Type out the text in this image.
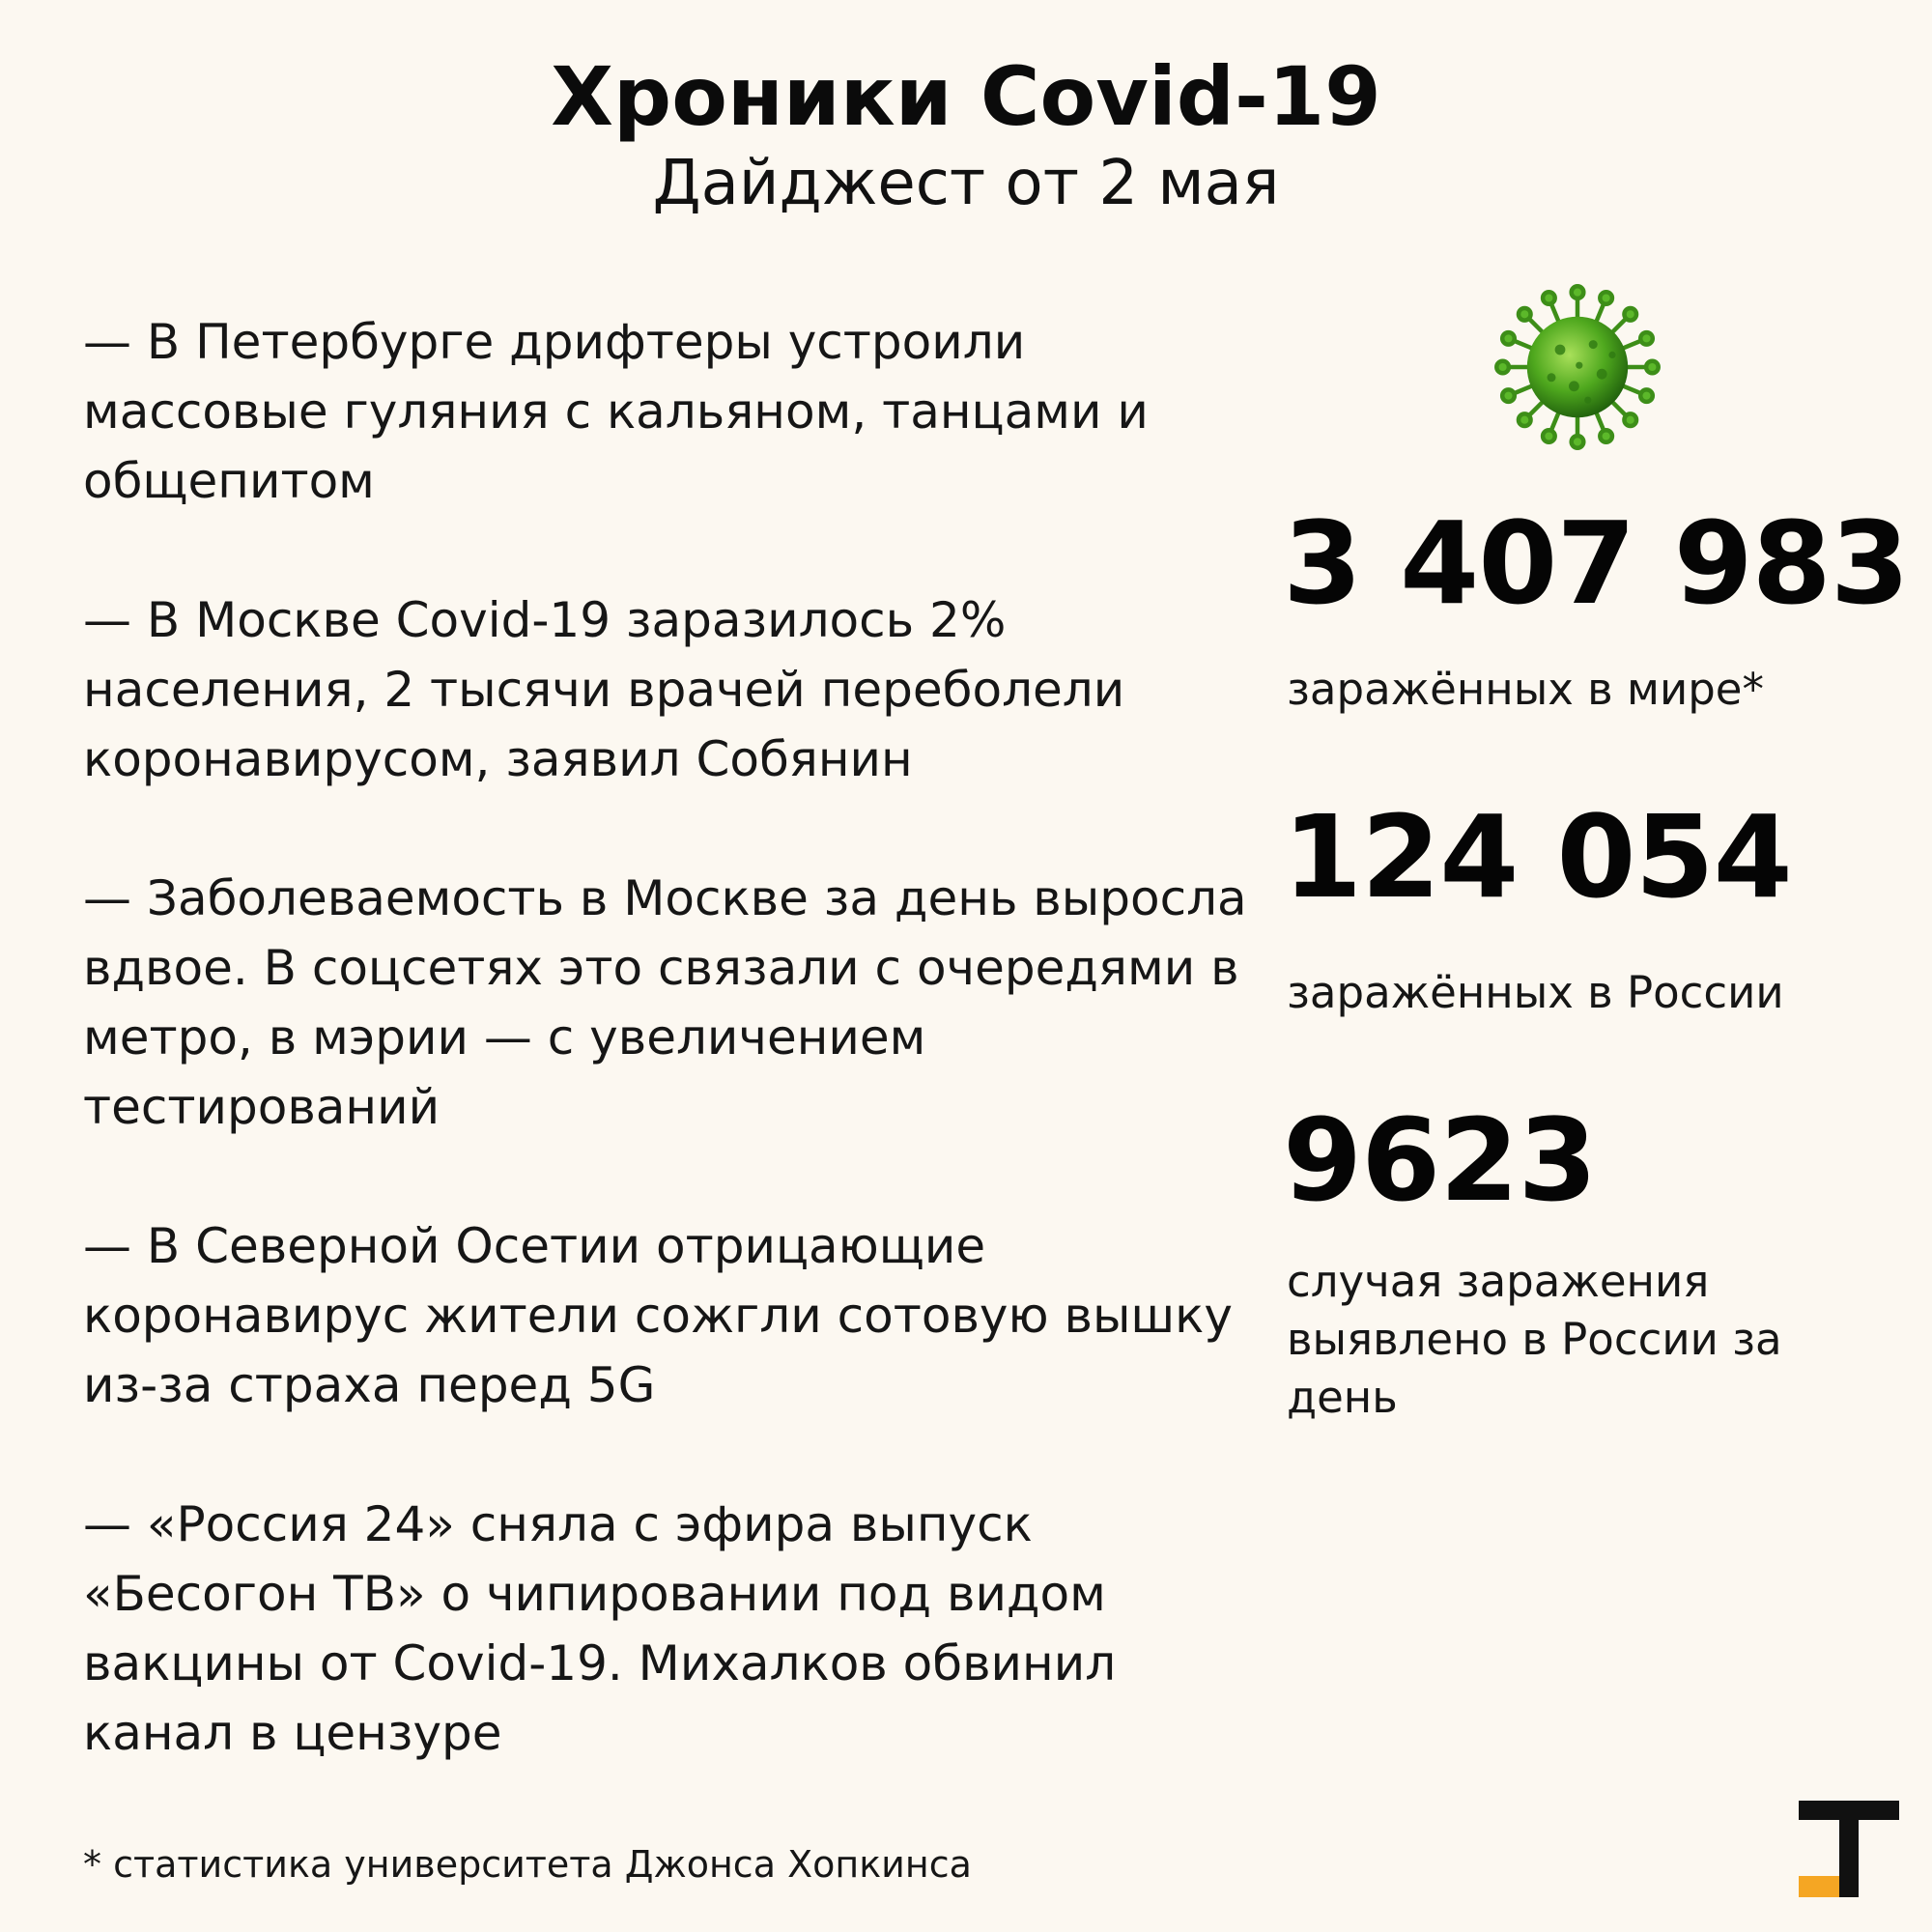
Хроники Covid-19

Дайджест от 2 мая

— В Петербурге дрифтеры устроили массовые гуляния с кальяном, танцами и общепитом
— В Москве Covid-19 заразилось 2% населения, 2 тысячи врачей переболели коронавирусом, заявил Собянин
— Заболеваемость в Москве за день выросла вдвое. В соцсетях это связали с очередями в метро, в мэрии — с увеличением тестирований
— В Северной Осетии отрицающие коронавирус жители сожгли сотовую вышку из-за страха перед 5G
— «Россия 24» сняла с эфира выпуск «Бесогон ТВ» о чипировании под видом вакцины от Covid-19. Михалков обвинил канал в цензуре
3 407 983
заражённых в мире*
124 054
заражённых в России
9623
случая заражения выявлено в России за день
* статистика университета Джонса Хопкинса
